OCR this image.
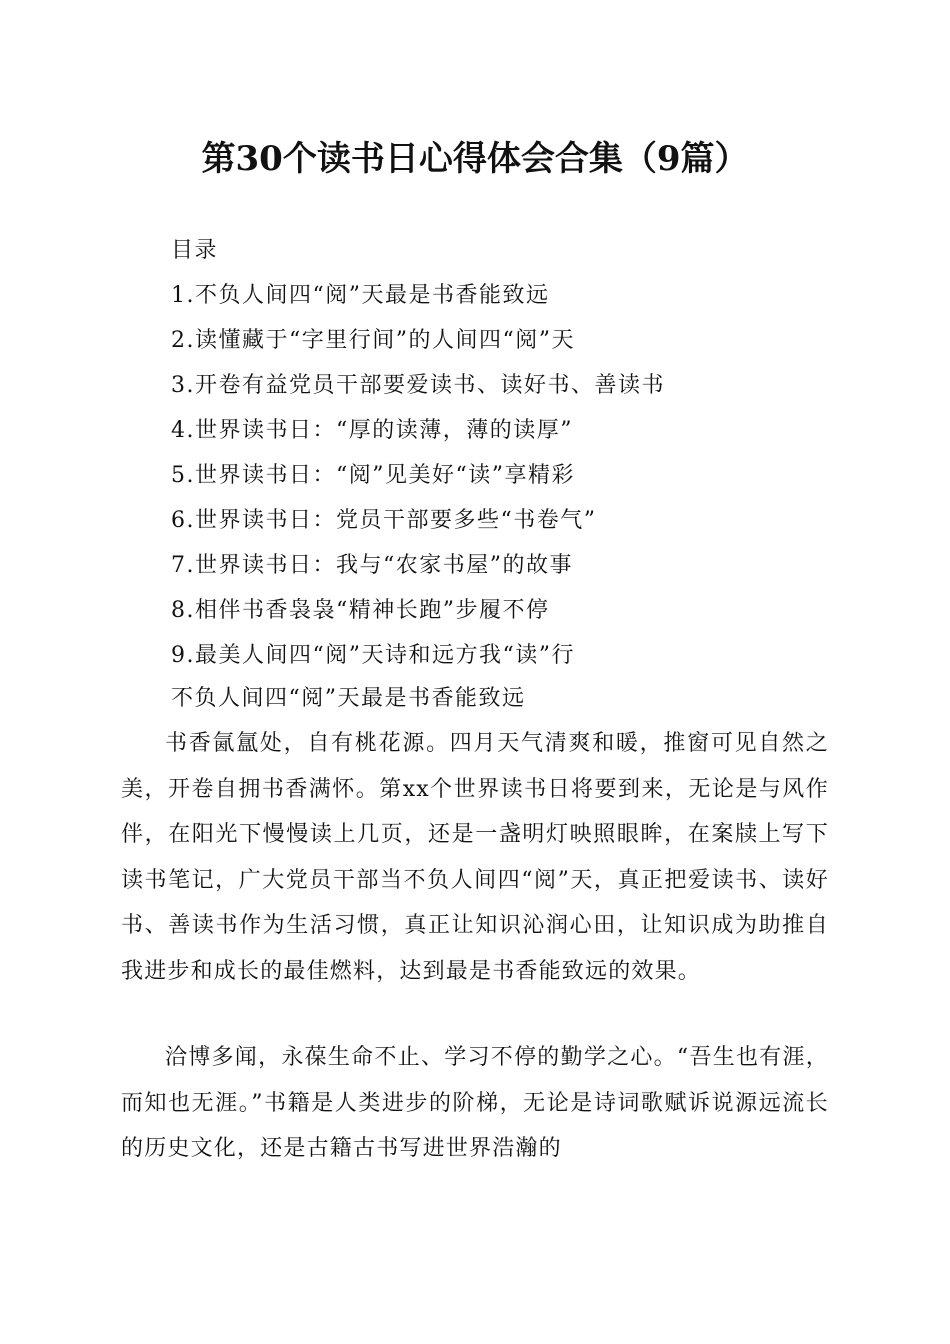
第30个读书日心得体会合集（9篇）
目录
1.不负人间四“阅”天最是书香能致远
2.读懂藏于“字里行间”的人间四“阅”天
3.开卷有益党员干部要爱读书、读好书、善读书
4.世界读书日：“厚的读薄，薄的读厚”
5.世界读书日：“阅”见美好“读”享精彩
6.世界读书日：党员干部要多些“书卷气”
7.世界读书日：我与“农家书屋”的故事
8.相伴书香袅袅“精神长跑”步履不停
9.最美人间四“阅”天诗和远方我“读”行
不负人间四“阅”天最是书香能致远

书香氤氲处，自有桃花源。四月天气清爽和暖，推窗可见自然之美，开卷自拥书香满怀。第xx个世界读书日将要到来，无论是与风作伴，在阳光下慢慢读上几页，还是一盏明灯映照眼眸，在案牍上写下读书笔记，广大党员干部当不负人间四“阅”天，真正把爱读书、读好书、善读书作为生活习惯，真正让知识沁润心田，让知识成为助推自我进步和成长的最佳燃料，达到最是书香能致远的效果。

洽博多闻，永葆生命不止、学习不停的勤学之心。“吾生也有涯，而知也无涯。”书籍是人类进步的阶梯，无论是诗词歌赋诉说源远流长的历史文化，还是古籍古书写进世界浩瀚的
